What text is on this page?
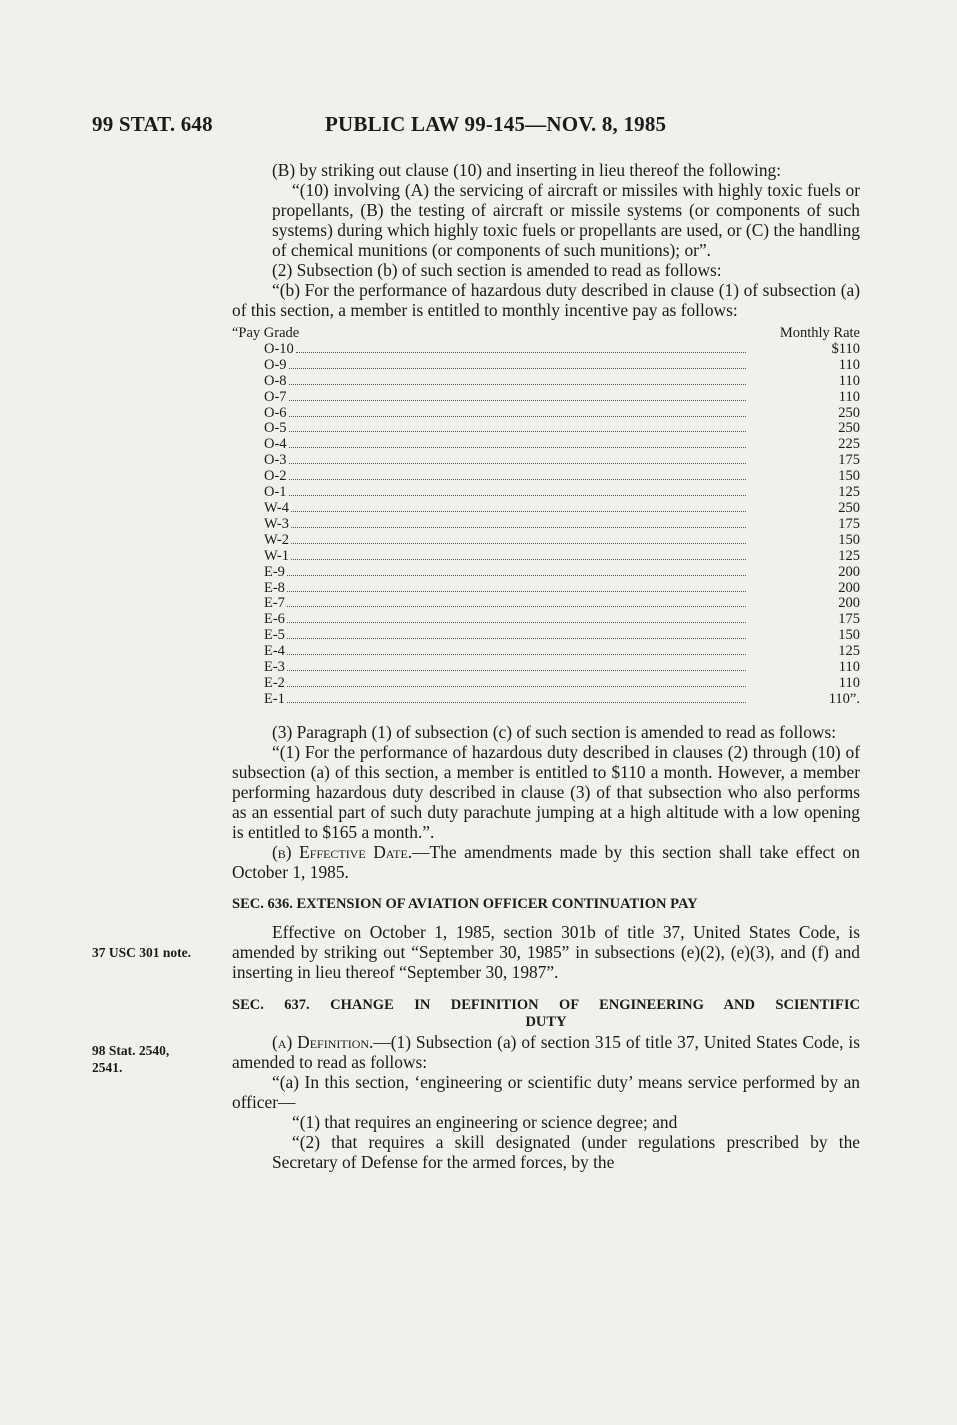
99 STAT. 648	PUBLIC LAW 99-145—NOV. 8, 1985
37 USC 301 note.
98 Stat. 2540,
2541.

(B) by striking out clause (10) and inserting in lieu thereof the following:

“(10) involving (A) the servicing of aircraft or missiles with highly toxic fuels or propellants, (B) the testing of aircraft or missile systems (or components of such systems) during which highly toxic fuels or propellants are used, or (C) the handling of chemical munitions (or components of such munitions); or”.

(2) Subsection (b) of such section is amended to read as follows:

“(b) For the performance of hazardous duty described in clause (1) of subsection (a) of this section, a member is entitled to monthly incentive pay as follows:

“Pay Grade	Monthly Rate
O-10	$110
O-9	110
O-8	110
O-7	110
O-6	250
O-5	250
O-4	225
O-3	175
O-2	150
O-1	125
W-4	250
W-3	175
W-2	150
W-1	125
E-9	200
E-8	200
E-7	200
E-6	175
E-5	150
E-4	125
E-3	110
E-2	110
E-1	110”.

(3) Paragraph (1) of subsection (c) of such section is amended to read as follows:

“(1) For the performance of hazardous duty described in clauses (2) through (10) of subsection (a) of this section, a member is entitled to $110 a month. However, a member performing hazardous duty described in clause (3) of that subsection who also performs as an essential part of such duty parachute jumping at a high altitude with a low opening is entitled to $165 a month.”.

(b) Effective Date.—The amendments made by this section shall take effect on October 1, 1985.

SEC. 636. EXTENSION OF AVIATION OFFICER CONTINUATION PAY

Effective on October 1, 1985, section 301b of title 37, United States Code, is amended by striking out “September 30, 1985” in subsections (e)(2), (e)(3), and (f) and inserting in lieu thereof “September 30, 1987”.

SEC. 637. CHANGE IN DEFINITION OF ENGINEERING AND SCIENTIFIC

DUTY

(a) Definition.—(1) Subsection (a) of section 315 of title 37, United States Code, is amended to read as follows:

“(a) In this section, ‘engineering or scientific duty’ means service performed by an officer—

“(1) that requires an engineering or science degree; and

“(2) that requires a skill designated (under regulations prescribed by the Secretary of Defense for the armed forces, by the
